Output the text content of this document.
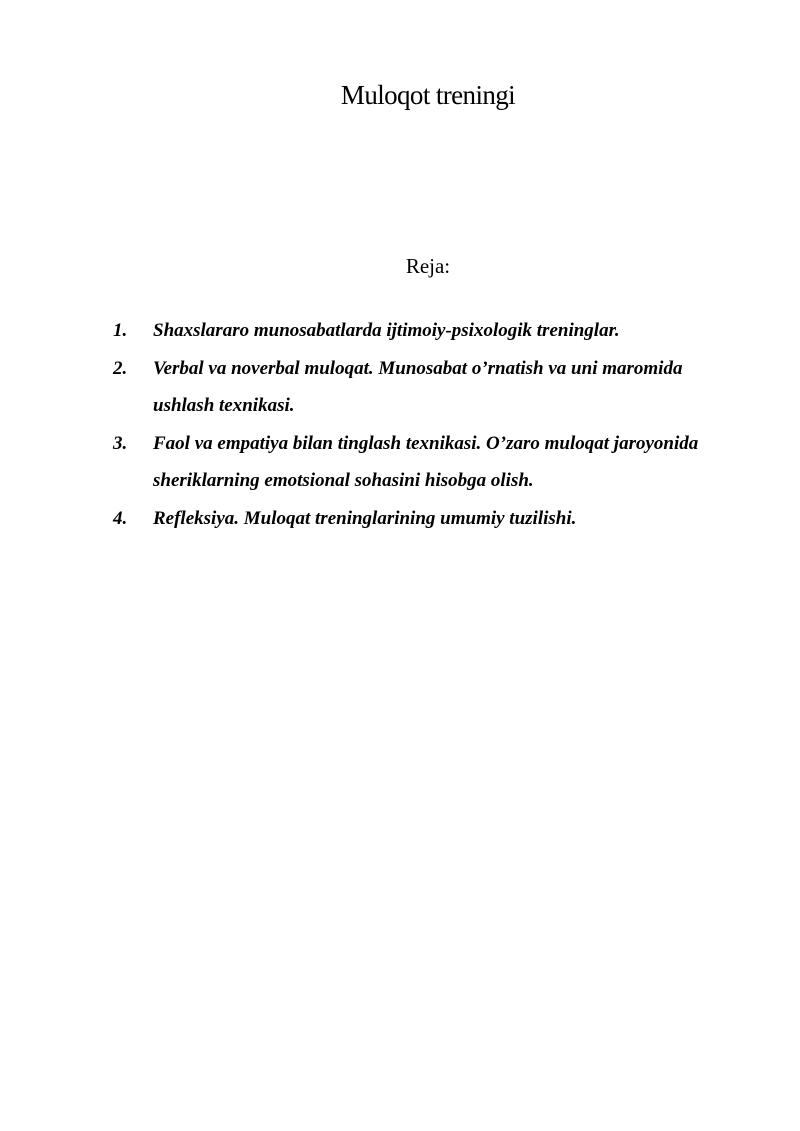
Muloqot treningi
Reja:
1.	Shaxslararo munosabatlarda ijtimoiy-psixologik treninglar.
2.	Verbal va noverbal muloqat. Munosabat o’rnatish va uni maromida ushlash texnikasi.
3.	Faol va empatiya bilan tinglash texnikasi. O’zaro muloqat jaroyonida sheriklarning emotsional sohasini hisobga olish.
4.	Refleksiya. Muloqat treninglarining umumiy tuzilishi.
